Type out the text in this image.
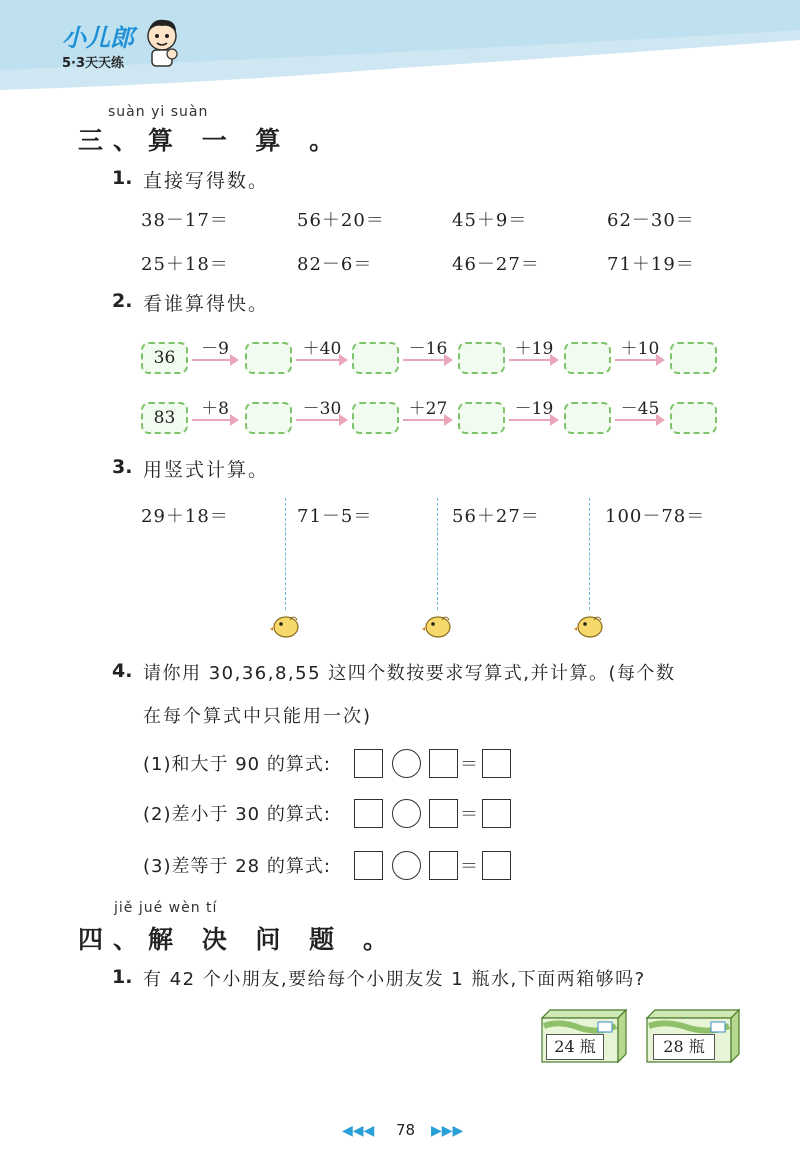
小儿郎
5·3天天练
suàn yi suàn
三、算 一 算 。
1. 直接写得数。
38－17＝	56＋20＝	45＋9＝	62－30＝
25＋18＝	82－6＝	46－27＝	71＋19＝
2. 看谁算得快。
36	－9	＋40	－16	＋19	＋10
83	＋8	－30	＋27	－19	－45
3. 用竖式计算。
29＋18＝	71－5＝	56＋27＝	100－78＝
4. 请你用 30,36,8,55 这四个数按要求写算式,并计算。(每个数
在每个算式中只能用一次)
(1)和大于 90 的算式:	＝
(2)差小于 30 的算式:	＝
(3)差等于 28 的算式:	＝
jiě jué wèn tí
四、解 决 问 题 。
1. 有 42 个小朋友,要给每个小朋友发 1 瓶水,下面两箱够吗?
24 瓶	28 瓶
◀◀◀ 78 ▶▶▶
